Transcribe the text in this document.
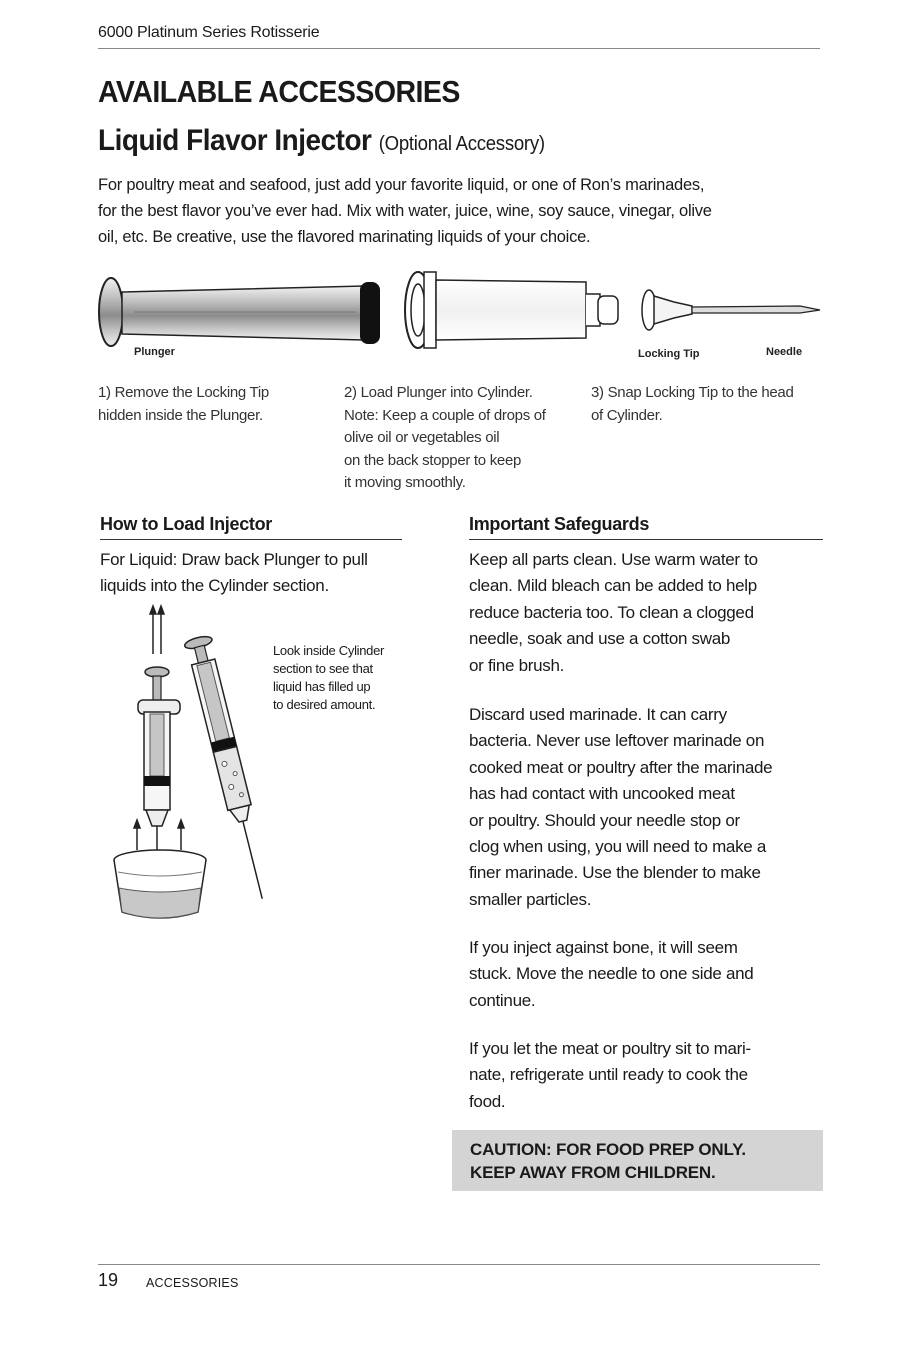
6000 Platinum Series Rotisserie
AVAILABLE ACCESSORIES
Liquid Flavor Injector (Optional Accessory)
For poultry meat and seafood, just add your favorite liquid, or one of Ron’s marinades,
for the best flavor you’ve ever had. Mix with water, juice, wine, soy sauce, vinegar, olive
oil, etc. Be creative, use the flavored marinating liquids of your choice.
Plunger	Locking Tip	Needle
1) Remove the Locking Tip
hidden inside the Plunger.
2) Load Plunger into Cylinder.
Note: Keep a couple of drops of
olive oil or vegetables oil
on the back stopper to keep
it moving smoothly.
3) Snap Locking Tip to the head
of Cylinder.
How to Load Injector
For Liquid: Draw back Plunger to pull
liquids into the Cylinder section.
Look inside Cylinder
section to see that
liquid has filled up
to desired amount.
Important Safeguards
Keep all parts clean. Use warm water to
clean. Mild bleach can be added to help
reduce bacteria too. To clean a clogged
needle, soak and use a cotton swab
or fine brush.
Discard used marinade. It can carry
bacteria. Never use leftover marinade on
cooked meat or poultry after the marinade
has had contact with uncooked meat
or poultry. Should your needle stop or
clog when using, you will need to make a
finer marinade. Use the blender to make
smaller particles.
If you inject against bone, it will seem
stuck. Move the needle to one side and
continue.
If you let the meat or poultry sit to mari-
nate, refrigerate until ready to cook the
food.
CAUTION: FOR FOOD PREP ONLY.
KEEP AWAY FROM CHILDREN.
19 ACCESSORIES
